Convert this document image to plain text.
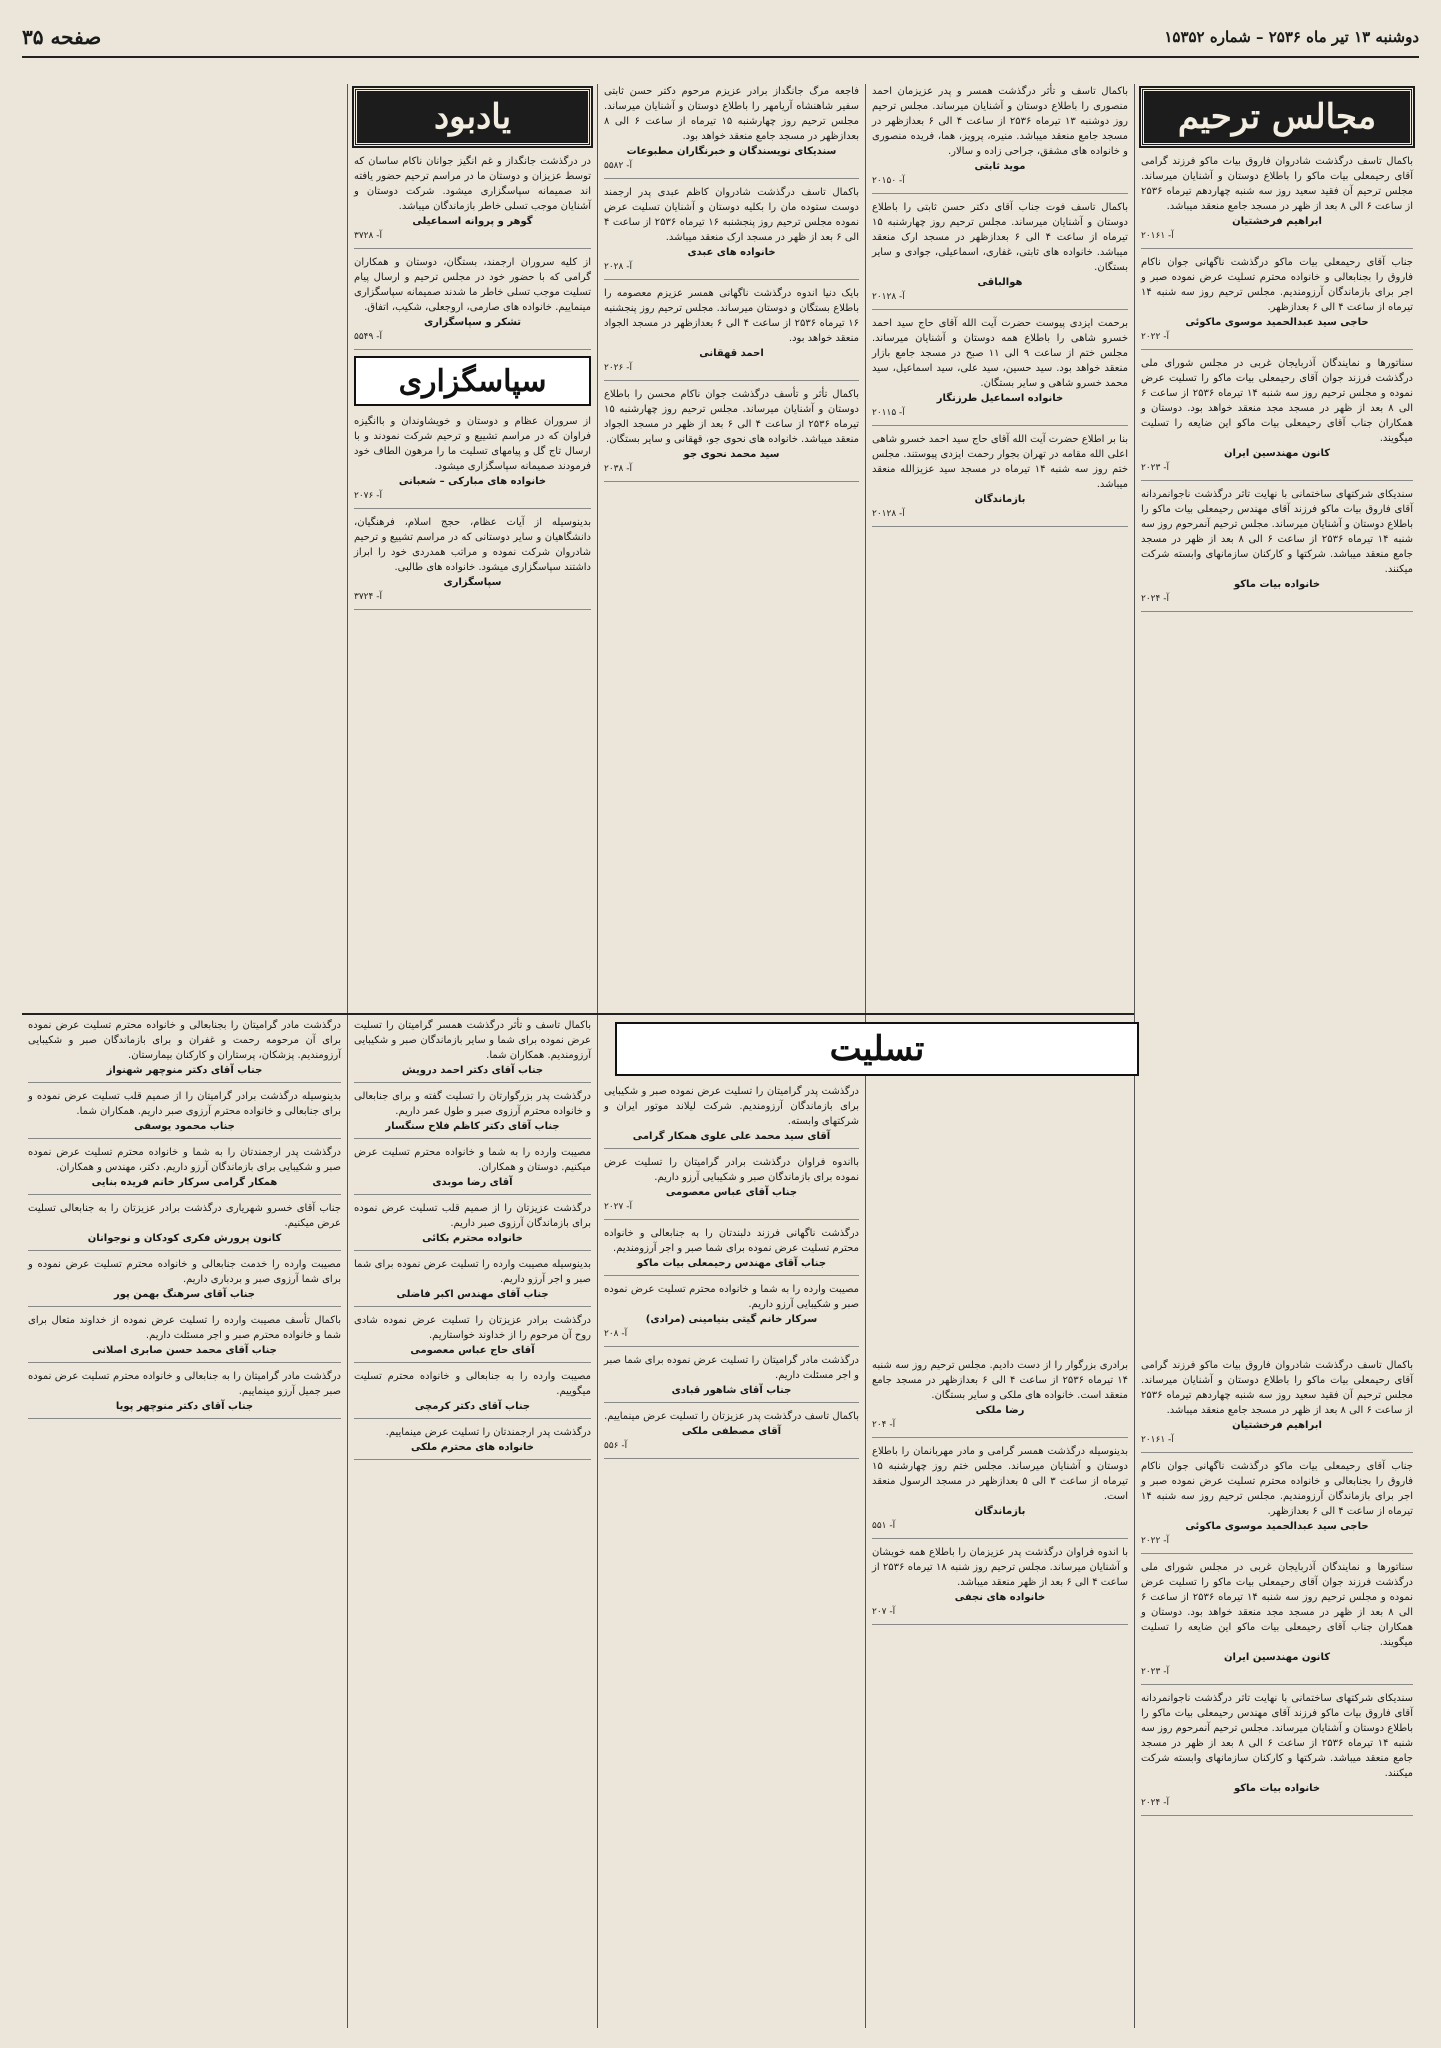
دوشنبه ۱۳ تیر ماه ۲۵۳۶ – شماره ۱۵۳۵۲
صفحه ۳۵
مجالس ترحیم
باکمال تاسف درگذشت شادروان فاروق بیات ماکو فرزند گرامی آقای رحیمعلی بیات ماکو را باطلاع دوستان و آشنایان میرساند. مجلس ترحیم آن فقید سعید روز سه شنبه چهاردهم تیرماه ۲۵۳۶ از ساعت ۶ الی ۸ بعد از ظهر در مسجد جامع منعقد میباشد.
ابراهیم فرخشتیان
آ- ۲۰۱۶۱
جناب آقای رحیمعلی بیات ماکو درگذشت ناگهانی جوان ناکام فاروق را بجنابعالی و خانواده محترم تسلیت عرض نموده صبر و اجر برای بازماندگان آرزومندیم. مجلس ترحیم روز سه شنبه ۱۴ تیرماه از ساعت ۴ الی ۶ بعدازظهر.
حاجی سید عبدالحمید موسوی ماکوئی
آ- ۲۰۲۲
سناتورها و نمایندگان آذربایجان غربی در مجلس شورای ملی درگذشت فرزند جوان آقای رحیمعلی بیات ماکو را تسلیت عرض نموده و مجلس ترحیم روز سه شنبه ۱۴ تیرماه ۲۵۳۶ از ساعت ۶ الی ۸ بعد از ظهر در مسجد مجد منعقد خواهد بود. دوستان و همکاران جناب آقای رحیمعلی بیات ماکو این ضایعه را تسلیت میگویند.
کانون مهندسین ایران
آ- ۲۰۲۳
سندیکای شرکتهای ساختمانی با نهایت تاثر درگذشت ناجوانمردانه آقای فاروق بیات ماکو فرزند آقای مهندس رحیمعلی بیات ماکو را باطلاع دوستان و آشنایان میرساند. مجلس ترحیم آنمرحوم روز سه شنبه ۱۴ تیرماه ۲۵۳۶ از ساعت ۶ الی ۸ بعد از ظهر در مسجد جامع منعقد میباشد. شرکتها و کارکنان سازمانهای وابسته شرکت میکنند.
خانواده بیات ماکو
آ- ۲۰۲۴
باکمال تاسف و تأثر درگذشت همسر و پدر عزیزمان احمد منصوری را باطلاع دوستان و آشنایان میرساند. مجلس ترحیم روز دوشنبه ۱۳ تیرماه ۲۵۳۶ از ساعت ۴ الی ۶ بعدازظهر در مسجد جامع منعقد میباشد. منیره، پرویز، هما، فریده منصوری و خانواده های مشفق، جراحی زاده و سالار.
موید ثابتی
آ- ۲۰۱۵۰
باکمال تاسف فوت جناب آقای دکتر حسن ثابتی را باطلاع دوستان و آشنایان میرساند. مجلس ترحیم روز چهارشنبه ۱۵ تیرماه از ساعت ۴ الی ۶ بعدازظهر در مسجد ارک منعقد میباشد. خانواده های ثابتی، غفاری، اسماعیلی، جوادی و سایر بستگان.
هوالباقی
آ- ۲۰۱۲۸
برحمت ایزدی پیوست حضرت آیت الله آقای حاج سید احمد خسرو شاهی را باطلاع همه دوستان و آشنایان میرساند. مجلس ختم از ساعت ۹ الی ۱۱ صبح در مسجد جامع بازار منعقد خواهد بود. سید حسین، سید علی، سید اسماعیل، سید محمد خسرو شاهی و سایر بستگان.
خانواده اسماعیل طرزنگار
آ- ۲۰۱۱۵
بنا بر اطلاع حضرت آیت الله آقای حاج سید احمد خسرو شاهی اعلی الله مقامه در تهران بجوار رحمت ایزدی پیوستند. مجلس ختم روز سه شنبه ۱۴ تیرماه در مسجد سید عزیزالله منعقد میباشد.
بازماندگان
آ- ۲۰۱۲۸
فاجعه مرگ جانگداز برادر عزیزم مرحوم دکتر حسن ثابتی سفیر شاهنشاه آریامهر را باطلاع دوستان و آشنایان میرساند. مجلس ترحیم روز چهارشنبه ۱۵ تیرماه از ساعت ۶ الی ۸ بعدازظهر در مسجد جامع منعقد خواهد بود.
سندیکای نویسندگان و خبرنگاران مطبوعات
آ- ۵۵۸۲
باکمال تاسف درگذشت شادروان کاظم عبدی پدر ارجمند دوست ستوده مان را بکلیه دوستان و آشنایان تسلیت عرض نموده مجلس ترحیم روز پنجشنبه ۱۶ تیرماه ۲۵۳۶ از ساعت ۴ الی ۶ بعد از ظهر در مسجد ارک منعقد میباشد.
خانواده های عبدی
آ- ۲۰۲۸
بایک دنیا اندوه درگذشت ناگهانی همسر عزیزم معصومه را باطلاع بستگان و دوستان میرساند. مجلس ترحیم روز پنجشنبه ۱۶ تیرماه ۲۵۳۶ از ساعت ۴ الی ۶ بعدازظهر در مسجد الجواد منعقد خواهد بود.
احمد قهقانی
آ- ۲۰۲۶
باکمال تأثر و تأسف درگذشت جوان ناکام محسن را باطلاع دوستان و آشنایان میرساند. مجلس ترحیم روز چهارشنبه ۱۵ تیرماه ۲۵۳۶ از ساعت ۴ الی ۶ بعد از ظهر در مسجد الجواد منعقد میباشد. خانواده های نحوی جو، قهقانی و سایر بستگان.
سید محمد نحوی جو
آ- ۲۰۳۸
یادبود
در درگذشت جانگداز و غم انگیز جوانان ناکام ساسان که توسط عزیزان و دوستان ما در مراسم ترحیم حضور یافته اند صمیمانه سپاسگزاری میشود. شرکت دوستان و آشنایان موجب تسلی خاطر بازماندگان میباشد.
گوهر و پروانه اسماعیلی
آ- ۳۷۲۸
از کلیه سروران ارجمند، بستگان، دوستان و همکاران گرامی که با حضور خود در مجلس ترحیم و ارسال پیام تسلیت موجب تسلی خاطر ما شدند صمیمانه سپاسگزاری مینماییم. خانواده های صارمی، اروجعلی، شکیب، اتفاق.
تشکر و سپاسگزاری
آ- ۵۵۴۹
سپاسگزاری
از سروران عظام و دوستان و خویشاوندان و باانگیزه فراوان که در مراسم تشییع و ترحیم شرکت نمودند و با ارسال تاج گل و پیامهای تسلیت ما را مرهون الطاف خود فرمودند صمیمانه سپاسگزاری میشود.
خانواده های مبارکی – شعبانی
آ- ۲۰۷۶
بدینوسیله از آیات عظام، حجج اسلام، فرهنگیان، دانشگاهیان و سایر دوستانی که در مراسم تشییع و ترحیم شادروان شرکت نموده و مراتب همدردی خود را ابراز داشتند سپاسگزاری میشود. خانواده های طالبی.
سپاسگزاری
آ- ۳۷۲۴
درگذشت مادر گرامیتان را بجنابعالی و خانواده محترم تسلیت عرض نموده برای آن مرحومه رحمت و غفران و برای بازماندگان صبر و شکیبایی آرزومندیم. پزشکان، پرستاران و کارکنان بیمارستان.
جناب آقای دکتر منوچهر شهنواز
بدینوسیله درگذشت برادر گرامیتان را از صمیم قلب تسلیت عرض نموده و برای جنابعالی و خانواده محترم آرزوی صبر داریم. همکاران شما.
جناب محمود یوسفی
درگذشت پدر ارجمندتان را به شما و خانواده محترم تسلیت عرض نموده صبر و شکیبایی برای بازماندگان آرزو داریم. دکتر، مهندس و همکاران.
همکار گرامی سرکار خانم فریده بنایی
جناب آقای خسرو شهریاری درگذشت برادر عزیزتان را به جنابعالی تسلیت عرض میکنیم.
کانون پرورش فکری کودکان و نوجوانان
مصیبت وارده را خدمت جنابعالی و خانواده محترم تسلیت عرض نموده و برای شما آرزوی صبر و بردباری داریم.
جناب آقای سرهنگ بهمن پور
باکمال تأسف مصیبت وارده را تسلیت عرض نموده از خداوند متعال برای شما و خانواده محترم صبر و اجر مسئلت داریم.
جناب آقای محمد حسن صابری اصلانی
درگذشت مادر گرامیتان را به جنابعالی و خانواده محترم تسلیت عرض نموده صبر جمیل آرزو مینماییم.
جناب آقای دکتر منوچهر پویا
باکمال تاسف و تأثر درگذشت همسر گرامیتان را تسلیت عرض نموده برای شما و سایر بازماندگان صبر و شکیبایی آرزومندیم. همکاران شما.
جناب آقای دکتر احمد درویش
درگذشت پدر بزرگوارتان را تسلیت گفته و برای جنابعالی و خانواده محترم آرزوی صبر و طول عمر داریم.
جناب آقای دکتر کاظم فلاح سنگسار
مصیبت وارده را به شما و خانواده محترم تسلیت عرض میکنیم. دوستان و همکاران.
آقای رضا موبدی
درگذشت عزیزتان را از صمیم قلب تسلیت عرض نموده برای بازماندگان آرزوی صبر داریم.
خانواده محترم بکائی
بدینوسیله مصیبت وارده را تسلیت عرض نموده برای شما صبر و اجر آرزو داریم.
جناب آقای مهندس اکبر فاضلی
درگذشت برادر عزیزتان را تسلیت عرض نموده شادی روح آن مرحوم را از خداوند خواستاریم.
آقای حاج عباس معصومی
مصیبت وارده را به جنابعالی و خانواده محترم تسلیت میگوییم.
جناب آقای دکتر کرمچی
درگذشت پدر ارجمندتان را تسلیت عرض مینماییم.
خانواده های محترم ملکی
تسلیت
درگذشت پدر گرامیتان را تسلیت عرض نموده صبر و شکیبایی برای بازماندگان آرزومندیم. شرکت لیلاند موتور ایران و شرکتهای وابسته.
آقای سید محمد علی علوی همکار گرامی
بااندوه فراوان درگذشت برادر گرامیتان را تسلیت عرض نموده برای بازماندگان صبر و شکیبایی آرزو داریم.
جناب آقای عباس معصومی
آ- ۲۰۲۷
درگذشت ناگهانی فرزند دلبندتان را به جنابعالی و خانواده محترم تسلیت عرض نموده برای شما صبر و اجر آرزومندیم.
جناب آقای مهندس رحیمعلی بیات ماکو
مصیبت وارده را به شما و خانواده محترم تسلیت عرض نموده صبر و شکیبایی آرزو داریم.
سرکار خانم گیتی بنیامینی (مرادی)
آ- ۲۰۸
درگذشت مادر گرامیتان را تسلیت عرض نموده برای شما صبر و اجر مسئلت داریم.
جناب آقای شاهور قبادی
باکمال تاسف درگذشت پدر عزیزتان را تسلیت عرض مینماییم.
آقای مصطفی ملکی
آ- ۵۵۶
برادری بزرگوار را از دست دادیم. مجلس ترحیم روز سه شنبه ۱۴ تیرماه ۲۵۳۶ از ساعت ۴ الی ۶ بعدازظهر در مسجد جامع منعقد است. خانواده های ملکی و سایر بستگان.
رضا ملکی
آ- ۲۰۴
بدینوسیله درگذشت همسر گرامی و مادر مهربانمان را باطلاع دوستان و آشنایان میرساند. مجلس ختم روز چهارشنبه ۱۵ تیرماه از ساعت ۳ الی ۵ بعدازظهر در مسجد الرسول منعقد است.
بازماندگان
آ- ۵۵۱
با اندوه فراوان درگذشت پدر عزیزمان را باطلاع همه خویشان و آشنایان میرساند. مجلس ترحیم روز شنبه ۱۸ تیرماه ۲۵۳۶ از ساعت ۴ الی ۶ بعد از ظهر منعقد میباشد.
خانواده های نجفی
آ- ۲۰۷
باکمال تاسف درگذشت شادروان فاروق بیات ماکو فرزند گرامی آقای رحیمعلی بیات ماکو را باطلاع دوستان و آشنایان میرساند. مجلس ترحیم آن فقید سعید روز سه شنبه چهاردهم تیرماه ۲۵۳۶ از ساعت ۶ الی ۸ بعد از ظهر در مسجد جامع منعقد میباشد.
ابراهیم فرخشتیان
آ- ۲۰۱۶۱
جناب آقای رحیمعلی بیات ماکو درگذشت ناگهانی جوان ناکام فاروق را بجنابعالی و خانواده محترم تسلیت عرض نموده صبر و اجر برای بازماندگان آرزومندیم. مجلس ترحیم روز سه شنبه ۱۴ تیرماه از ساعت ۴ الی ۶ بعدازظهر.
حاجی سید عبدالحمید موسوی ماکوئی
آ- ۲۰۲۲
سناتورها و نمایندگان آذربایجان غربی در مجلس شورای ملی درگذشت فرزند جوان آقای رحیمعلی بیات ماکو را تسلیت عرض نموده و مجلس ترحیم روز سه شنبه ۱۴ تیرماه ۲۵۳۶ از ساعت ۶ الی ۸ بعد از ظهر در مسجد مجد منعقد خواهد بود. دوستان و همکاران جناب آقای رحیمعلی بیات ماکو این ضایعه را تسلیت میگویند.
کانون مهندسین ایران
آ- ۲۰۲۳
سندیکای شرکتهای ساختمانی با نهایت تاثر درگذشت ناجوانمردانه آقای فاروق بیات ماکو فرزند آقای مهندس رحیمعلی بیات ماکو را باطلاع دوستان و آشنایان میرساند. مجلس ترحیم آنمرحوم روز سه شنبه ۱۴ تیرماه ۲۵۳۶ از ساعت ۶ الی ۸ بعد از ظهر در مسجد جامع منعقد میباشد. شرکتها و کارکنان سازمانهای وابسته شرکت میکنند.
خانواده بیات ماکو
آ- ۲۰۲۴
